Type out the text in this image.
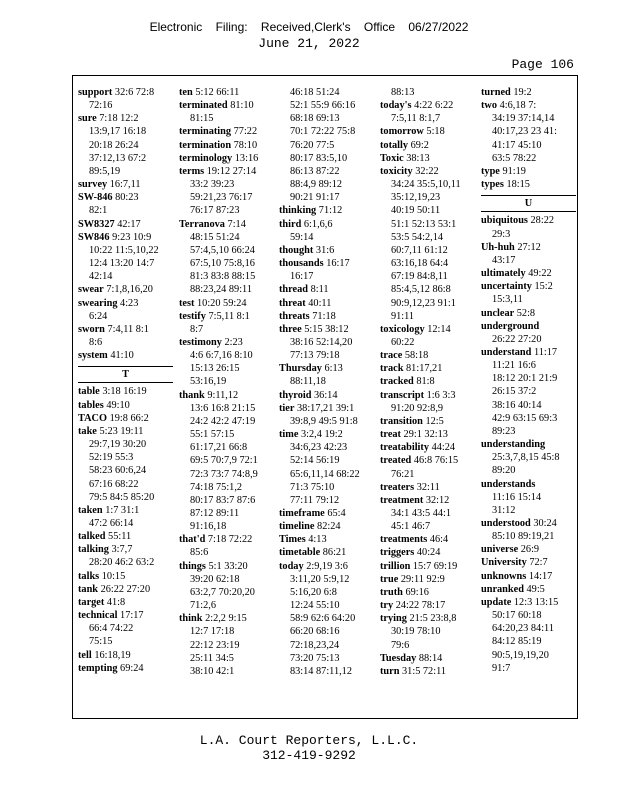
Electronic Filing: Received,Clerk's Office 06/27/2022
June 21, 2022
Page 106
support 32:6 72:8
72:16
sure 7:18 12:2
13:9,17 16:18
20:18 26:24
37:12,13 67:2
89:5,19
survey 16:7,11
SW-846 80:23
82:1
SW8327 42:17
SW846 9:23 10:9
10:22 11:5,10,22
12:4 13:20 14:7
42:14
swear 7:1,8,16,20
swearing 4:23
6:24
sworn 7:4,11 8:1
8:6
system 41:10
T
table 3:18 16:19
tables 49:10
TACO 19:8 66:2
take 5:23 19:11
29:7,19 30:20
52:19 55:3
58:23 60:6,24
67:16 68:22
79:5 84:5 85:20
taken 1:7 31:1
47:2 66:14
talked 55:11
talking 3:7,7
28:20 46:2 63:2
talks 10:15
tank 26:22 27:20
target 41:8
technical 17:17
66:4 74:22
75:15
tell 16:18,19
tempting 69:24
ten 5:12 66:11
terminated 81:10
81:15
terminating 77:22
termination 78:10
terminology 13:16
terms 19:12 27:14
33:2 39:23
59:21,23 76:17
76:17 87:23
Terranova 7:14
48:15 51:24
57:4,5,10 66:24
67:5,10 75:8,16
81:3 83:8 88:15
88:23,24 89:11
test 10:20 59:24
testify 7:5,11 8:1
8:7
testimony 2:23
4:6 6:7,16 8:10
15:13 26:15
53:16,19
thank 9:11,12
13:6 16:8 21:15
24:2 42:2 47:19
55:1 57:15
61:17,21 66:8
69:5 70:7,9 72:1
72:3 73:7 74:8,9
74:18 75:1,2
80:17 83:7 87:6
87:12 89:11
91:16,18
that'd 7:18 72:22
85:6
things 5:1 33:20
39:20 62:18
63:2,7 70:20,20
71:2,6
think 2:2,2 9:15
12:7 17:18
22:12 23:19
25:11 34:5
38:10 42:1
46:18 51:24
52:1 55:9 66:16
68:18 69:13
70:1 72:22 75:8
76:20 77:5
80:17 83:5,10
86:13 87:22
88:4,9 89:12
90:21 91:17
thinking 71:12
third 6:1,6,6
59:14
thought 31:6
thousands 16:17
16:17
thread 8:11
threat 40:11
threats 71:18
three 5:15 38:12
38:16 52:14,20
77:13 79:18
Thursday 6:13
88:11,18
thyroid 36:14
tier 38:17,21 39:1
39:8,9 49:5 91:8
time 3:2,4 19:2
34:6,23 42:23
52:14 56:19
65:6,11,14 68:22
71:3 75:10
77:11 79:12
timeframe 65:4
timeline 82:24
Times 4:13
timetable 86:21
today 2:9,19 3:6
3:11,20 5:9,12
5:16,20 6:8
12:24 55:10
58:9 62:6 64:20
66:20 68:16
72:18,23,24
73:20 75:13
83:14 87:11,12
88:13
today's 4:22 6:22
7:5,11 8:1,7
tomorrow 5:18
totally 69:2
Toxic 38:13
toxicity 32:22
34:24 35:5,10,11
35:12,19,23
40:19 50:11
51:1 52:13 53:1
53:5 54:2,14
60:7,11 61:12
63:16,18 64:4
67:19 84:8,11
85:4,5,12 86:8
90:9,12,23 91:1
91:11
toxicology 12:14
60:22
trace 58:18
track 81:17,21
tracked 81:8
transcript 1:6 3:3
91:20 92:8,9
transition 12:5
treat 29:1 32:13
treatability 44:24
treated 46:8 76:15
76:21
treaters 32:11
treatment 32:12
34:1 43:5 44:1
45:1 46:7
treatments 46:4
triggers 40:24
trillion 15:7 69:19
true 29:11 92:9
truth 69:16
try 24:22 78:17
trying 21:5 23:8,8
30:19 78:10
79:6
Tuesday 88:14
turn 31:5 72:11
turned 19:2
two 4:6,18 7:
34:19 37:14,14
40:17,23 23 41:
41:17 45:10
63:5 78:22
type 91:19
types 18:15
U
ubiquitous 28:22
29:3
Uh-huh 27:12
43:17
ultimately 49:22
uncertainty 15:2
15:3,11
unclear 52:8
underground
26:22 27:20
understand 11:17
11:21 16:6
18:12 20:1 21:9
26:15 37:2
38:16 40:14
42:9 63:15 69:3
89:23
understanding
25:3,7,8,15 45:8
89:20
understands
11:16 15:14
31:12
understood 30:24
85:10 89:19,21
universe 26:9
University 72:7
unknowns 14:17
unranked 49:5
update 12:3 13:15
50:17 60:18
64:20,23 84:11
84:12 85:19
90:5,19,19,20
91:7
L.A. Court Reporters, L.L.C.
312-419-9292
